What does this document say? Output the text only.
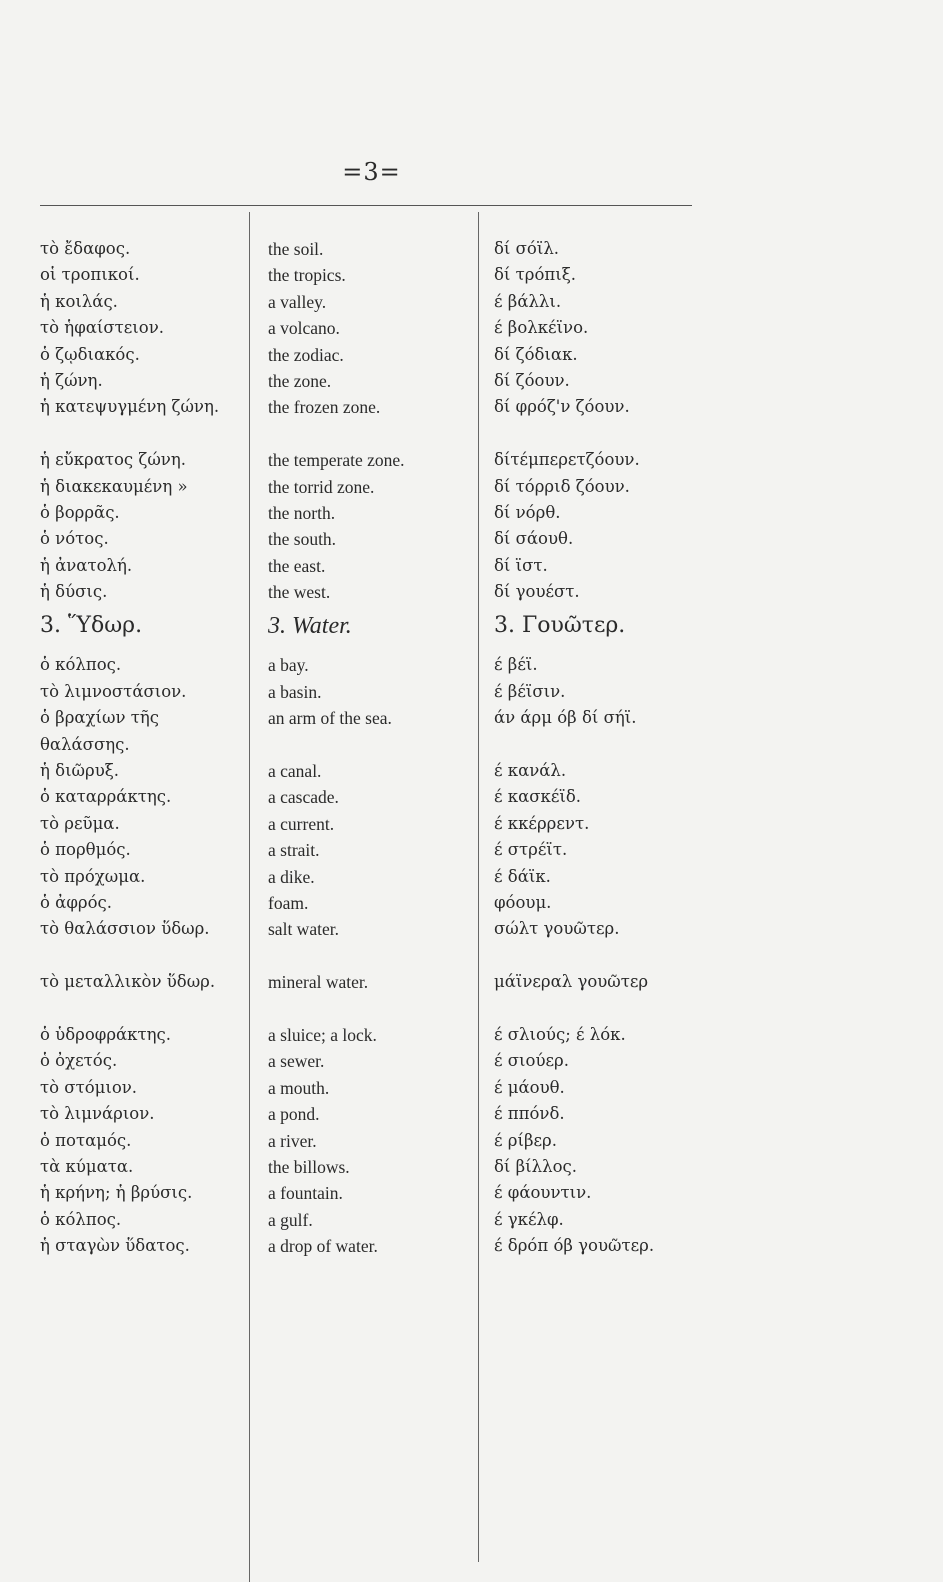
=3=
τὸ ἔδαφος.
οἱ τροπικοί.
ἡ κοιλάς.
τὸ ἡφαίστειον.
ὁ ζῳδιακός.
ἡ ζώνη.
ἡ κατεψυγμένη ζώνη.
ἡ εὔκρατος ζώνη.
ἡ διακεκαυμένη »
ὁ βορρᾶς.
ὁ νότος.
ἡ ἀνατολή.
ἡ δύσις.
3. Ὕδωρ.
ὁ κόλπος.
τὸ λιμνοστάσιον.
ὁ βραχίων τῆς θαλάσσης.
ἡ διῶρυξ.
ὁ καταρράκτης.
τὸ ρεῦμα.
ὁ πορθμός.
τὸ πρόχωμα.
ὁ ἀφρός.
τὸ θαλάσσιον ὕδωρ.
τὸ μεταλλικὸν ὕδωρ.
ὁ ὑδροφράκτης.
ὁ ὀχετός.
τὸ στόμιον.
τὸ λιμνάριον.
ὁ ποταμός.
τὰ κύματα.
ἡ κρήνη; ἡ βρύσις.
ὁ κόλπος.
ἡ σταγὼν ὕδατος.
the soil.
the tropics.
a valley.
a volcano.
the zodiac.
the zone.
the frozen zone.
the temperate zone.
the torrid zone.
the north.
the south.
the east.
the west.
3. Water.
a bay.
a basin.
an arm of the sea.
a canal.
a cascade.
a current.
a strait.
a dike.
foam.
salt water.
mineral water.
a sluice; a lock.
a sewer.
a mouth.
a pond.
a river.
the billows.
a fountain.
a gulf.
a drop of water.
δί σόϊλ.
δί τρόπιξ.
έ βάλλι.
έ βολκέϊνο.
δί ζόδιακ.
δί ζόουν.
δί φρόζ'ν ζόουν.
δίτέμπερετζόουν.
δί τόρριδ ζόουν.
δί νόρθ.
δί σάουθ.
δί ϊστ.
δί γουέστ.
3. Γουῶτερ.
έ βέϊ.
έ βέϊσιν.
άν άρμ όβ δί σήϊ.
έ κανάλ.
έ κασκέϊδ.
έ κκέρρεντ.
έ στρέϊτ.
έ δάϊκ.
φόουμ.
σώλτ γουῶτερ.
μάϊνεραλ γουῶτερ
έ σλιούς; έ λόκ.
έ σιούερ.
έ μάουθ.
έ ππόνδ.
έ ρίβερ.
δί βίλλος.
έ φάουντιν.
έ γκέλφ.
έ δρόπ όβ γουῶτερ.
